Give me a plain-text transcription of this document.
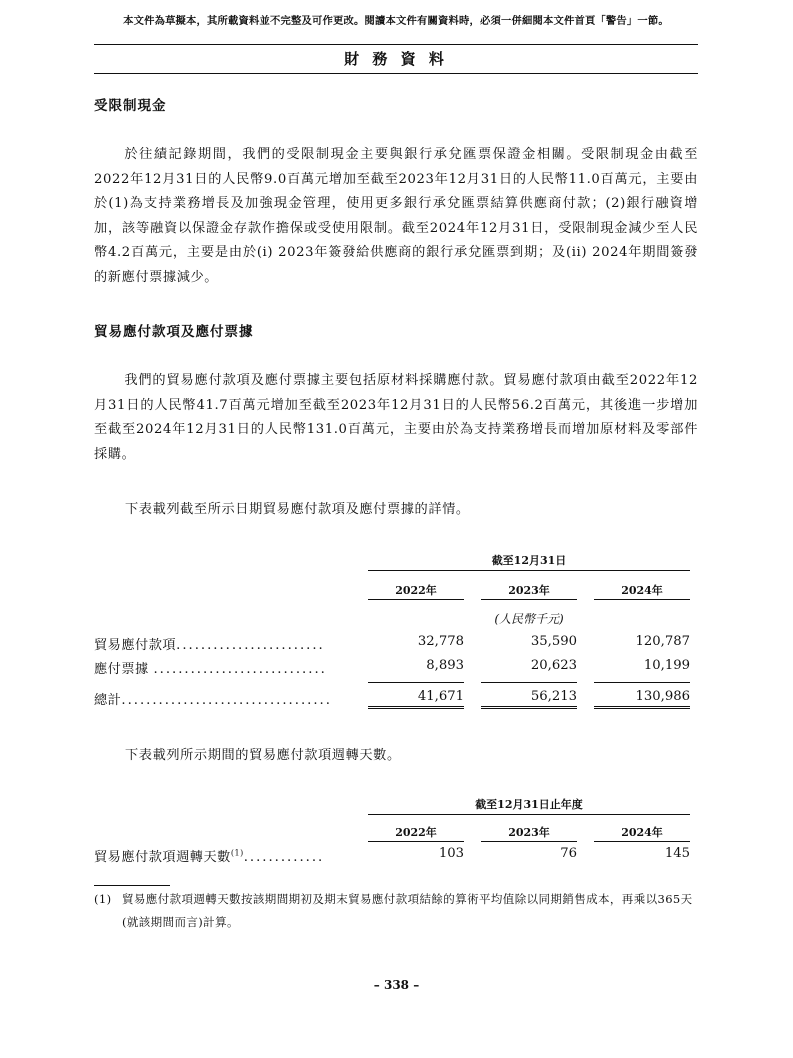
本文件為草擬本，其所載資料並不完整及可作更改。閱讀本文件有關資料時，必須一併細閱本文件首頁「警告」一節。
財 務 資 料
受限制現金
於往績記錄期間，我們的受限制現金主要與銀行承兌匯票保證金相關。受限制現金由截至2022年12月31日的人民幣9.0百萬元增加至截至2023年12月31日的人民幣11.0百萬元，主要由於(1)為支持業務增長及加強現金管理，使用更多銀行承兌匯票結算供應商付款；(2)銀行融資增加，該等融資以保證金存款作擔保或受使用限制。截至2024年12月31日，受限制現金減少至人民幣4.2百萬元，主要是由於(i) 2023年簽發給供應商的銀行承兌匯票到期；及(ii) 2024年期間簽發的新應付票據減少。
貿易應付款項及應付票據
我們的貿易應付款項及應付票據主要包括原材料採購應付款。貿易應付款項由截至2022年12月31日的人民幣41.7百萬元增加至截至2023年12月31日的人民幣56.2百萬元，其後進一步增加至截至2024年12月31日的人民幣131.0百萬元，主要由於為支持業務增長而增加原材料及零部件採購。
下表載列截至所示日期貿易應付款項及應付票據的詳情。
截至12月31日
2022年	2023年	2024年
(人民幣千元)
貿易應付款項........................	32,778	35,590	120,787
應付票據 ............................	8,893	20,623	10,199
總計..................................	41,671	56,213	130,986
下表載列所示期間的貿易應付款項週轉天數。
截至12月31日止年度
2022年	2023年	2024年
貿易應付款項週轉天數$^{(1)}$.............	103	76	145
(1) 貿易應付款項週轉天數按該期間期初及期末貿易應付款項結餘的算術平均值除以同期銷售成本，再乘以365天(就該期間而言)計算。
– 338 –
